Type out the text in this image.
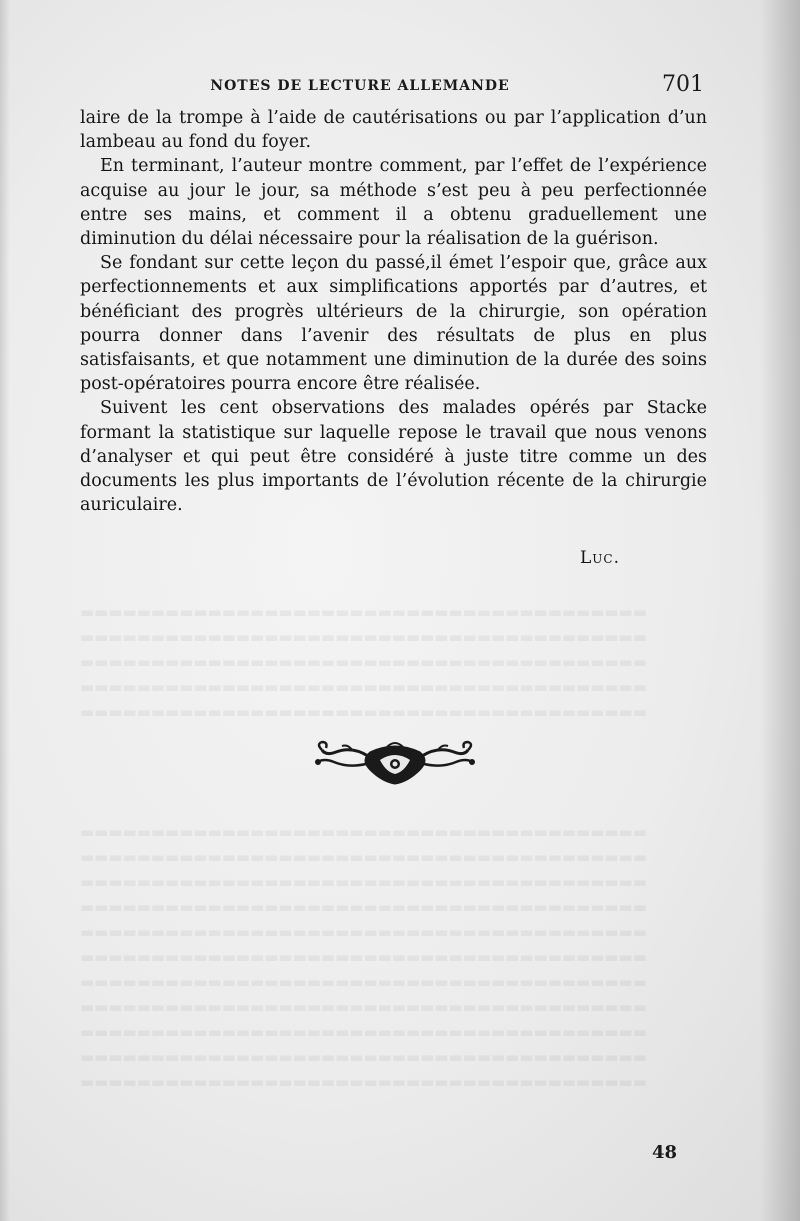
NOTES DE LECTURE ALLEMANDE	701

laire de la trompe à l’aide de cautérisations ou par l’application d’un lambeau au fond du foyer.

En terminant, l’auteur montre comment, par l’effet de l’expérience acquise au jour le jour, sa méthode s’est peu à peu perfectionnée entre ses mains, et comment il a obtenu graduellement une diminution du délai nécessaire pour la réalisation de la guérison.

Se fondant sur cette leçon du passé,il émet l’espoir que, grâce aux perfectionnements et aux simplifications apportés par d’autres, et bénéficiant des progrès ultérieurs de la chirurgie, son opération pourra donner dans l’avenir des résultats de plus en plus satisfaisants, et que notamment une diminution de la durée des soins post-opératoires pourra encore être réalisée.

Suivent les cent observations des malades opérés par Stacke formant la statistique sur laquelle repose le travail que nous venons d’analyser et qui peut être considéré à juste titre comme un des documents les plus importants de l’évolution récente de la chirurgie auriculaire.

Luc.
▬▬▬▬▬▬▬▬▬▬▬▬▬▬▬▬▬▬▬▬▬▬▬▬▬▬▬▬▬▬▬▬▬▬▬▬▬▬▬▬
▬▬▬▬▬▬▬▬▬▬▬▬▬▬▬▬▬▬▬▬▬▬▬▬▬▬▬▬▬▬▬▬▬▬▬▬▬▬▬▬
▬▬▬▬▬▬▬▬▬▬▬▬▬▬▬▬▬▬▬▬▬▬▬▬▬▬▬▬▬▬▬▬▬▬▬▬▬▬▬▬
▬▬▬▬▬▬▬▬▬▬▬▬▬▬▬▬▬▬▬▬▬▬▬▬▬▬▬▬▬▬▬▬▬▬▬▬▬▬▬▬
▬▬▬▬▬▬▬▬▬▬▬▬▬▬▬▬▬▬▬▬▬▬▬▬▬▬▬▬▬▬▬▬▬▬▬▬▬▬▬▬
▬▬▬▬▬▬▬▬▬▬▬▬▬▬▬▬▬▬▬▬▬▬▬▬▬▬▬▬▬▬▬▬▬▬▬▬▬▬▬▬
▬▬▬▬▬▬▬▬▬▬▬▬▬▬▬▬▬▬▬▬▬▬▬▬▬▬▬▬▬▬▬▬▬▬▬▬▬▬▬▬
▬▬▬▬▬▬▬▬▬▬▬▬▬▬▬▬▬▬▬▬▬▬▬▬▬▬▬▬▬▬▬▬▬▬▬▬▬▬▬▬
▬▬▬▬▬▬▬▬▬▬▬▬▬▬▬▬▬▬▬▬▬▬▬▬▬▬▬▬▬▬▬▬▬▬▬▬▬▬▬▬
▬▬▬▬▬▬▬▬▬▬▬▬▬▬▬▬▬▬▬▬▬▬▬▬▬▬▬▬▬▬▬▬▬▬▬▬▬▬▬▬
▬▬▬▬▬▬▬▬▬▬▬▬▬▬▬▬▬▬▬▬▬▬▬▬▬▬▬▬▬▬▬▬▬▬▬▬▬▬▬▬
▬▬▬▬▬▬▬▬▬▬▬▬▬▬▬▬▬▬▬▬▬▬▬▬▬▬▬▬▬▬▬▬▬▬▬▬▬▬▬▬
▬▬▬▬▬▬▬▬▬▬▬▬▬▬▬▬▬▬▬▬▬▬▬▬▬▬▬▬▬▬▬▬▬▬▬▬▬▬▬▬
▬▬▬▬▬▬▬▬▬▬▬▬▬▬▬▬▬▬▬▬▬▬▬▬▬▬▬▬▬▬▬▬▬▬▬▬▬▬▬▬
▬▬▬▬▬▬▬▬▬▬▬▬▬▬▬▬▬▬▬▬▬▬▬▬▬▬▬▬▬▬▬▬▬▬▬▬▬▬▬▬
▬▬▬▬▬▬▬▬▬▬▬▬▬▬▬▬▬▬▬▬▬▬▬▬▬▬▬▬▬▬▬▬▬▬▬▬▬▬▬▬
48
